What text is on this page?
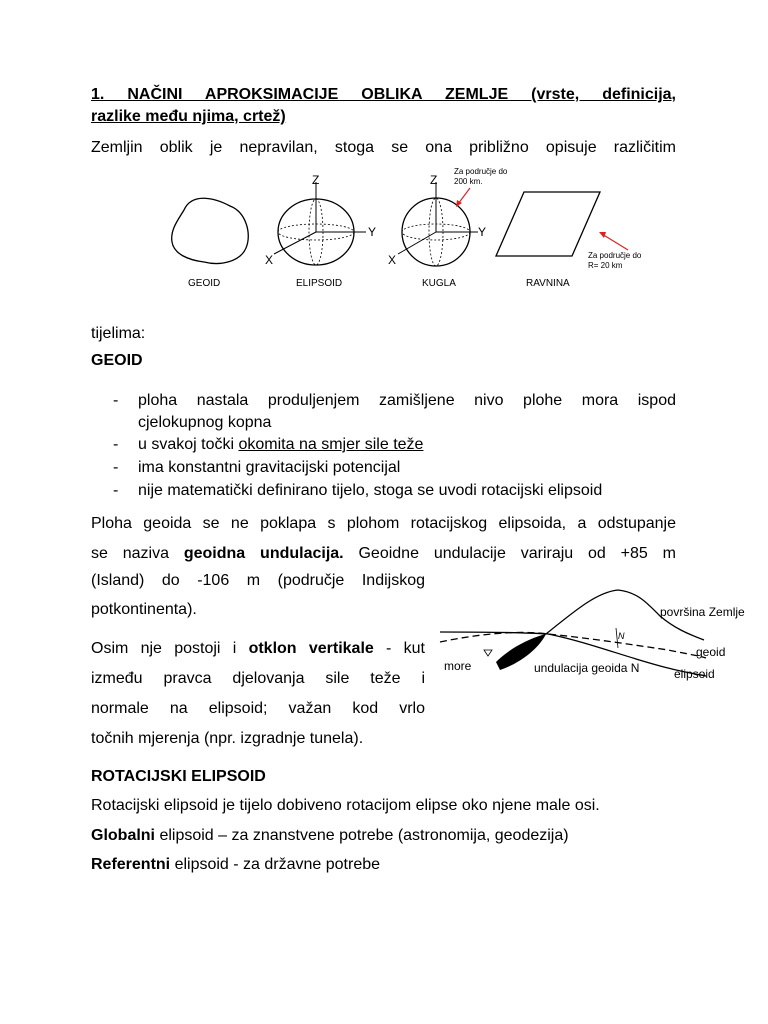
1. NAČINI APROKSIMACIJE OBLIKA ZEMLJE (vrste, definicija,
razlike među njima, crtež)
Zemljin oblik je nepravilan, stoga se ona približno opisuje različitim
Z
Y
X
Z
Y
X
Za područje do
200 km.
Za područje do
R= 20 km
GEOID	ELIPSOID	KUGLA	RAVNINA
tijelima:
GEOID
- ploha nastala produljenjem zamišljene nivo plohe mora ispod
cjelokupnog kopna
- u svakoj točki okomita na smjer sile teže
- ima konstantni gravitacijski potencijal
- nije matematički definirano tijelo, stoga se uvodi rotacijski elipsoid
Ploha geoida se ne poklapa s plohom rotacijskog elipsoida, a odstupanje
se naziva geoidna undulacija. Geoidne undulacije variraju od +85 m
(Island) do -106 m (područje Indijskog
potkontinenta).
Osim nje postoji i otklon vertikale - kut
između pravca djelovanja sile teže i
normale na elipsoid; važan kod vrlo
točnih mjerenja (npr. izgradnje tunela).
N
more	undulacija geoida N
površina Zemlje
geoid
elipsoid
ROTACIJSKI ELIPSOID
Rotacijski elipsoid je tijelo dobiveno rotacijom elipse oko njene male osi.
Globalni elipsoid – za znanstvene potrebe (astronomija, geodezija)
Referentni elipsoid - za državne potrebe
